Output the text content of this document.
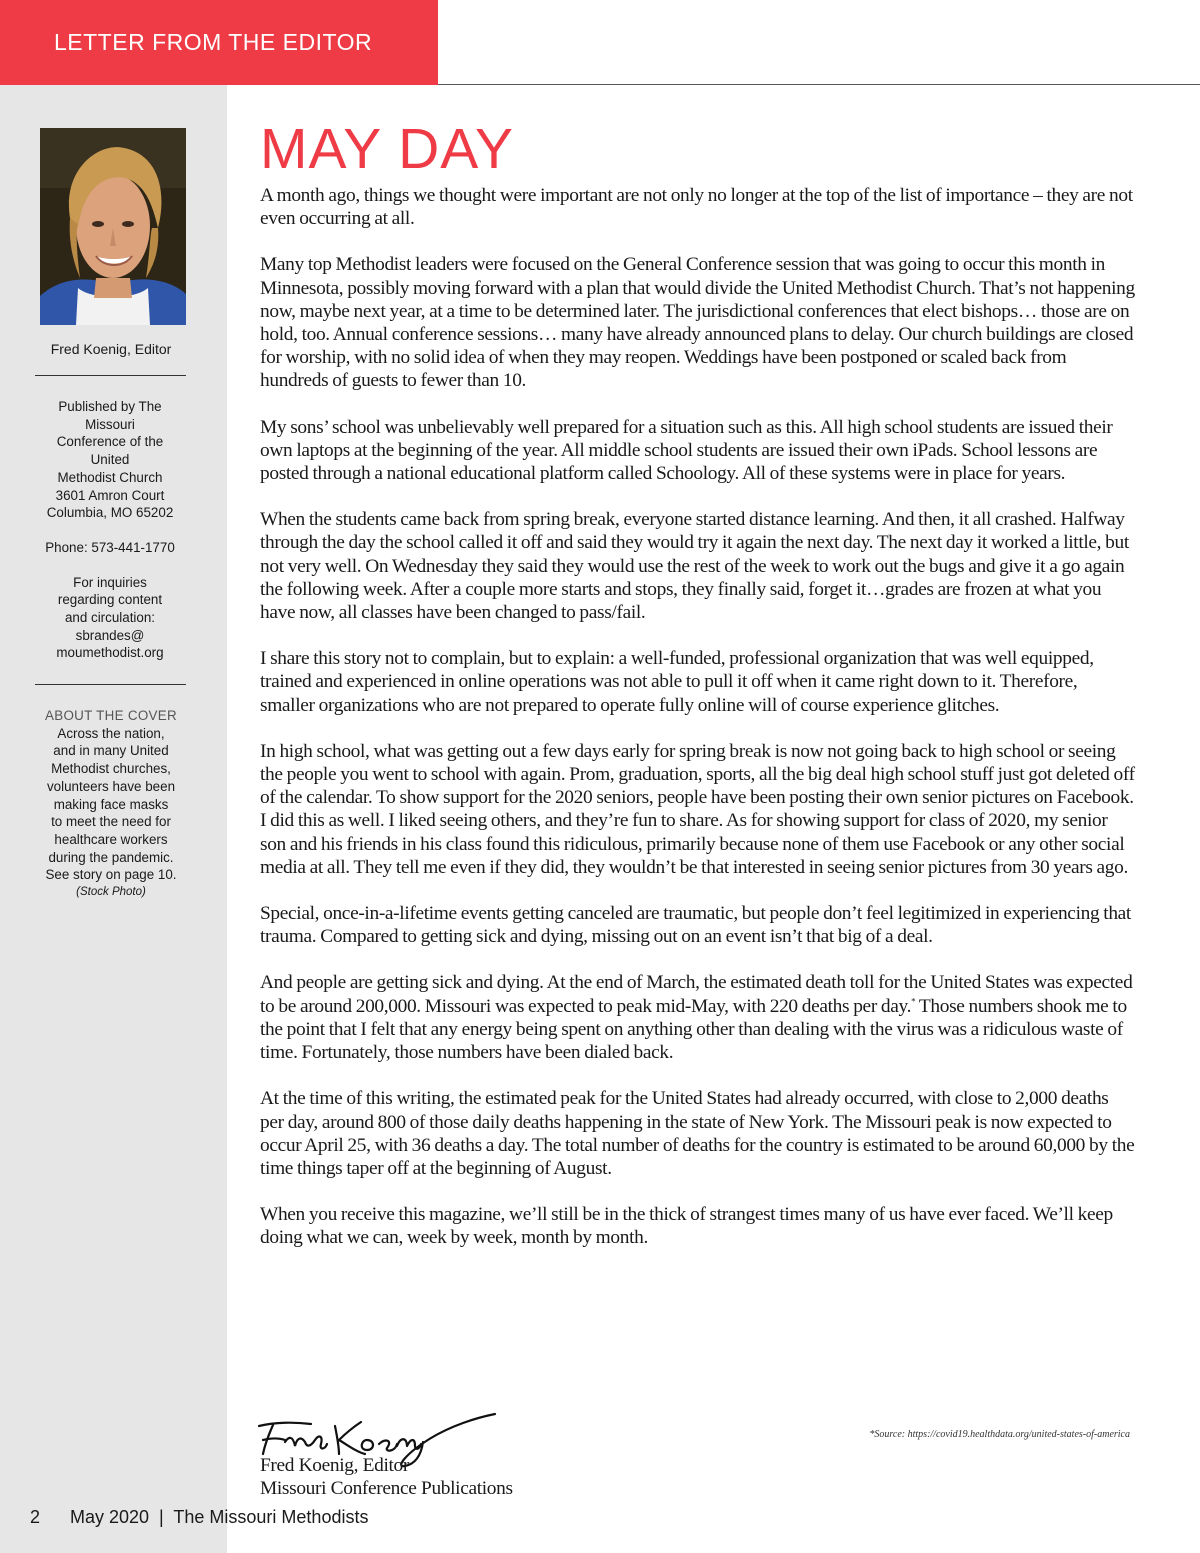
LETTER FROM THE EDITOR

Fred Koenig, Editor

Published by The

Missouri

Conference of the

United

Methodist Church

3601 Amron Court

Columbia, MO 65202

Phone: 573-441-1770

For inquiries

regarding content

and circulation:

sbrandes@

moumethodist.org

ABOUT THE COVER

Across the nation,

and in many United

Methodist churches,

volunteers have been

making face masks

to meet the need for

healthcare workers

during the pandemic.

See story on page 10.

(Stock Photo)

MAY DAY

A month ago, things we thought were important are not only no longer at the top of the list of importance – they are not even occurring at all.

Many top Methodist leaders were focused on the General Conference session that was going to occur this month in Minnesota, possibly moving forward with a plan that would divide the United Methodist Church. That’s not happening now, maybe next year, at a time to be determined later. The jurisdictional conferences that elect bishops… those are on hold, too. Annual conference sessions… many have already announced plans to delay. Our church buildings are closed for worship, with no solid idea of when they may reopen. Weddings have been postponed or scaled back from hundreds of guests to fewer than 10.

My sons’ school was unbelievably well prepared for a situation such as this. All high school students are issued their own laptops at the beginning of the year. All middle school students are issued their own iPads. School lessons are posted through a national educational platform called Schoology. All of these systems were in place for years.

When the students came back from spring break, everyone started distance learning. And then, it all crashed. Halfway through the day the school called it off and said they would try it again the next day. The next day it worked a little, but not very well. On Wednesday they said they would use the rest of the week to work out the bugs and give it a go again the following week. After a couple more starts and stops, they finally said, forget it…grades are frozen at what you have now, all classes have been changed to pass/fail.

I share this story not to complain, but to explain: a well-funded, professional organization that was well equipped, trained and experienced in online operations was not able to pull it off when it came right down to it. Therefore, smaller organizations who are not prepared to operate fully online will of course experience glitches.

In high school, what was getting out a few days early for spring break is now not going back to high school or seeing the people you went to school with again. Prom, graduation, sports, all the big deal high school stuff just got deleted off of the calendar. To show support for the 2020 seniors, people have been posting their own senior pictures on Facebook. I did this as well. I liked seeing others, and they’re fun to share. As for showing support for class of 2020, my senior son and his friends in his class found this ridiculous, primarily because none of them use Facebook or any other social media at all. They tell me even if they did, they wouldn’t be that interested in seeing senior pictures from 30 years ago.

Special, once-in-a-lifetime events getting canceled are traumatic, but people don’t feel legitimized in experiencing that trauma. Compared to getting sick and dying, missing out on an event isn’t that big of a deal.

And people are getting sick and dying. At the end of March, the estimated death toll for the United States was expected to be around 200,000. Missouri was expected to peak mid-May, with 220 deaths per day.* Those numbers shook me to the point that I felt that any energy being spent on anything other than dealing with the virus was a ridiculous waste of time. Fortunately, those numbers have been dialed back.

At the time of this writing, the estimated peak for the United States had already occurred, with close to 2,000 deaths per day, around 800 of those daily deaths happening in the state of New York. The Missouri peak is now expected to occur April 25, with 36 deaths a day. The total number of deaths for the country is estimated to be around 60,000 by the time things taper off at the beginning of August.

When you receive this magazine, we’ll still be in the thick of strangest times many of us have ever faced. We’ll keep doing what we can, week by week, month by month.

Fred Koenig, Editor

Missouri Conference Publications

*Source: https://covid19.healthdata.org/united-states-of-america
2 May 2020  |  The Missouri Methodists
